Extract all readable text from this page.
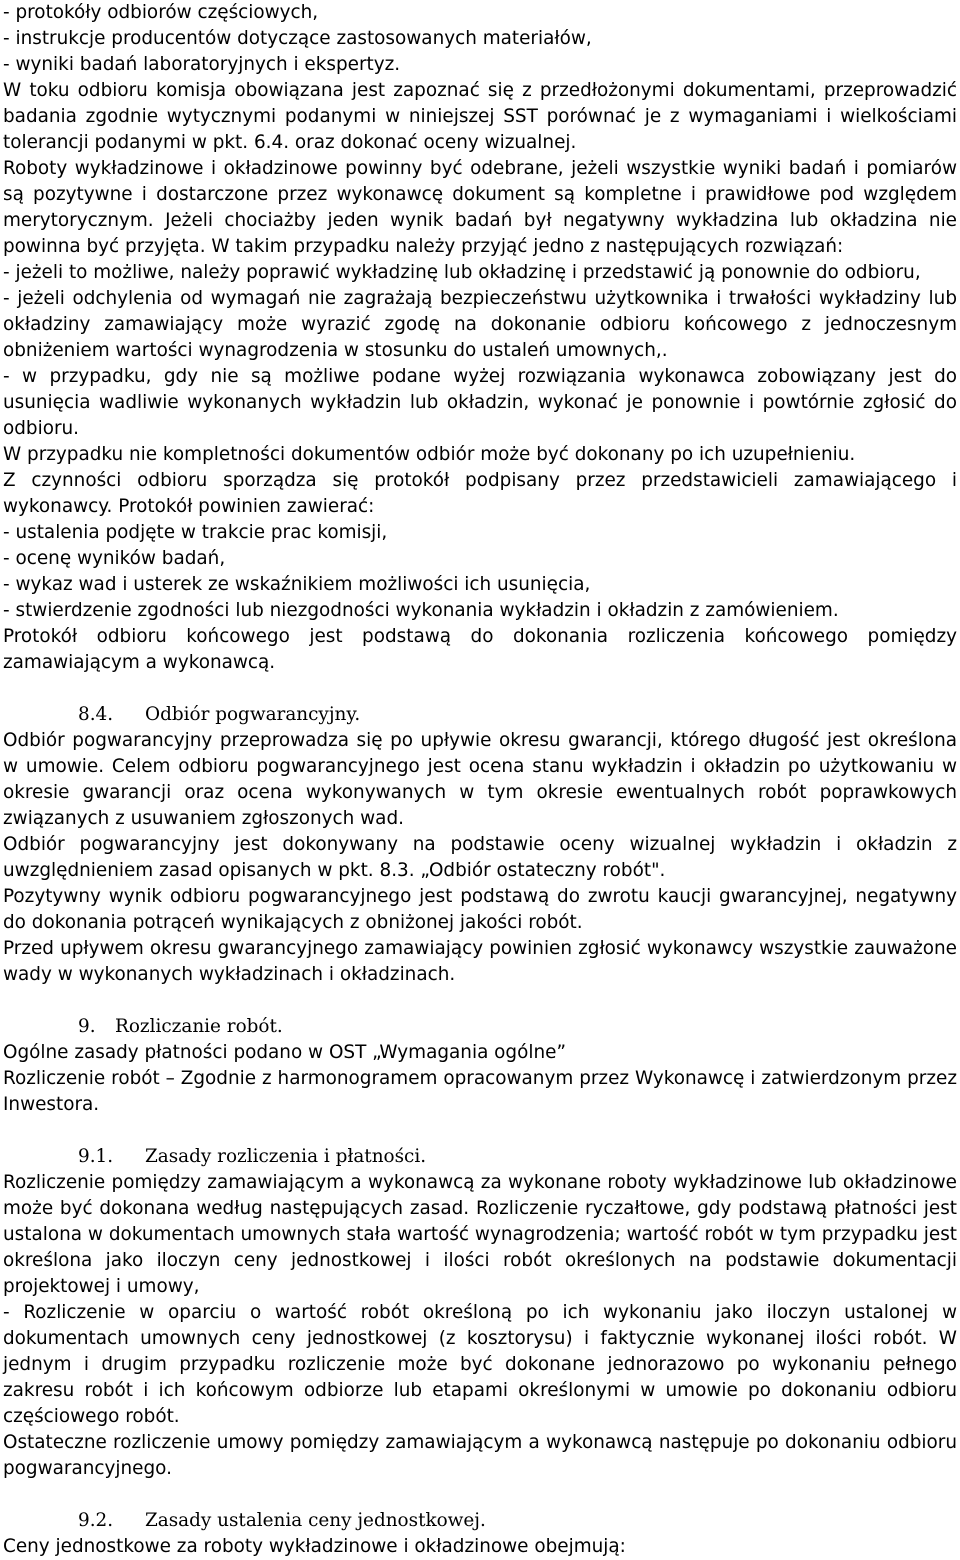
- protokóły odbiorów częściowych,

- instrukcje producentów dotyczące zastosowanych materiałów,

- wyniki badań laboratoryjnych i ekspertyz.

W toku odbioru komisja obowiązana jest zapoznać się z przedłożonymi dokumentami, przeprowadzić badania zgodnie wytycznymi podanymi w niniejszej SST porównać je z wymaganiami i wielkościami tolerancji podanymi w pkt. 6.4. oraz dokonać oceny wizualnej.

Roboty wykładzinowe i okładzinowe powinny być odebrane, jeżeli wszystkie wyniki badań i pomiarów są pozytywne i dostarczone przez wykonawcę dokument są kompletne i prawidłowe pod względem merytorycznym. Jeżeli chociażby jeden wynik badań był negatywny wykładzina lub okładzina nie powinna być przyjęta. W takim przypadku należy przyjąć jedno z następujących rozwiązań:

- jeżeli to możliwe, należy poprawić wykładzinę lub okładzinę i przedstawić ją ponownie do odbioru,

- jeżeli odchylenia od wymagań nie zagrażają bezpieczeństwu użytkownika i trwałości wykładziny lub okładziny zamawiający może wyrazić zgodę na dokonanie odbioru końcowego z jednoczesnym obniżeniem wartości wynagrodzenia w stosunku do ustaleń umownych,.

- w przypadku, gdy nie są możliwe podane wyżej rozwiązania wykonawca zobowiązany jest do usunięcia wadliwie wykonanych wykładzin lub okładzin, wykonać je ponownie i powtórnie zgłosić do odbioru.

W przypadku nie kompletności dokumentów odbiór może być dokonany po ich uzupełnieniu.

Z czynności odbioru sporządza się protokół podpisany przez przedstawicieli zamawiającego i wykonawcy. Protokół powinien zawierać:

- ustalenia podjęte w trakcie prac komisji,

- ocenę wyników badań,

- wykaz wad i usterek ze wskaźnikiem możliwości ich usunięcia,

- stwierdzenie zgodności lub niezgodności wykonania wykładzin i okładzin z zamówieniem.

Protokół odbioru końcowego jest podstawą do dokonania rozliczenia końcowego pomiędzy zamawiającym a wykonawcą.

8.4. Odbiór pogwarancyjny.

Odbiór pogwarancyjny przeprowadza się po upływie okresu gwarancji, którego długość jest określona w umowie. Celem odbioru pogwarancyjnego jest ocena stanu wykładzin i okładzin po użytkowaniu w okresie gwarancji oraz ocena wykonywanych w tym okresie ewentualnych robót poprawkowych związanych z usuwaniem zgłoszonych wad.

Odbiór pogwarancyjny jest dokonywany na podstawie oceny wizualnej wykładzin i okładzin z uwzględnieniem zasad opisanych w pkt. 8.3. „Odbiór ostateczny robót".

Pozytywny wynik odbioru pogwarancyjnego jest podstawą do zwrotu kaucji gwarancyjnej, negatywny do dokonania potrąceń wynikających z obniżonej jakości robót.

Przed upływem okresu gwarancyjnego zamawiający powinien zgłosić wykonawcy wszystkie zauważone wady w wykonanych wykładzinach i okładzinach.

9. Rozliczanie robót.

Ogólne zasady płatności podano w OST „Wymagania ogólne”

Rozliczenie robót – Zgodnie z harmonogramem opracowanym przez Wykonawcę i zatwierdzonym przez Inwestora.

9.1. Zasady rozliczenia i płatności.

Rozliczenie pomiędzy zamawiającym a wykonawcą za wykonane roboty wykładzinowe lub okładzinowe może być dokonana według następujących zasad. Rozliczenie ryczałtowe, gdy podstawą płatności jest ustalona w dokumentach umownych stała wartość wynagrodzenia; wartość robót w tym przypadku jest określona jako iloczyn ceny jednostkowej i ilości robót określonych na podstawie dokumentacji projektowej i umowy,

- Rozliczenie w oparciu o wartość robót określoną po ich wykonaniu jako iloczyn ustalonej w dokumentach umownych ceny jednostkowej (z kosztorysu) i faktycznie wykonanej ilości robót. W jednym i drugim przypadku rozliczenie może być dokonane jednorazowo po wykonaniu pełnego zakresu robót i ich końcowym odbiorze lub etapami określonymi w umowie po dokonaniu odbioru częściowego robót.

Ostateczne rozliczenie umowy pomiędzy zamawiającym a wykonawcą następuje po dokonaniu odbioru pogwarancyjnego.

9.2. Zasady ustalenia ceny jednostkowej.

Ceny jednostkowe za roboty wykładzinowe i okładzinowe obejmują:
